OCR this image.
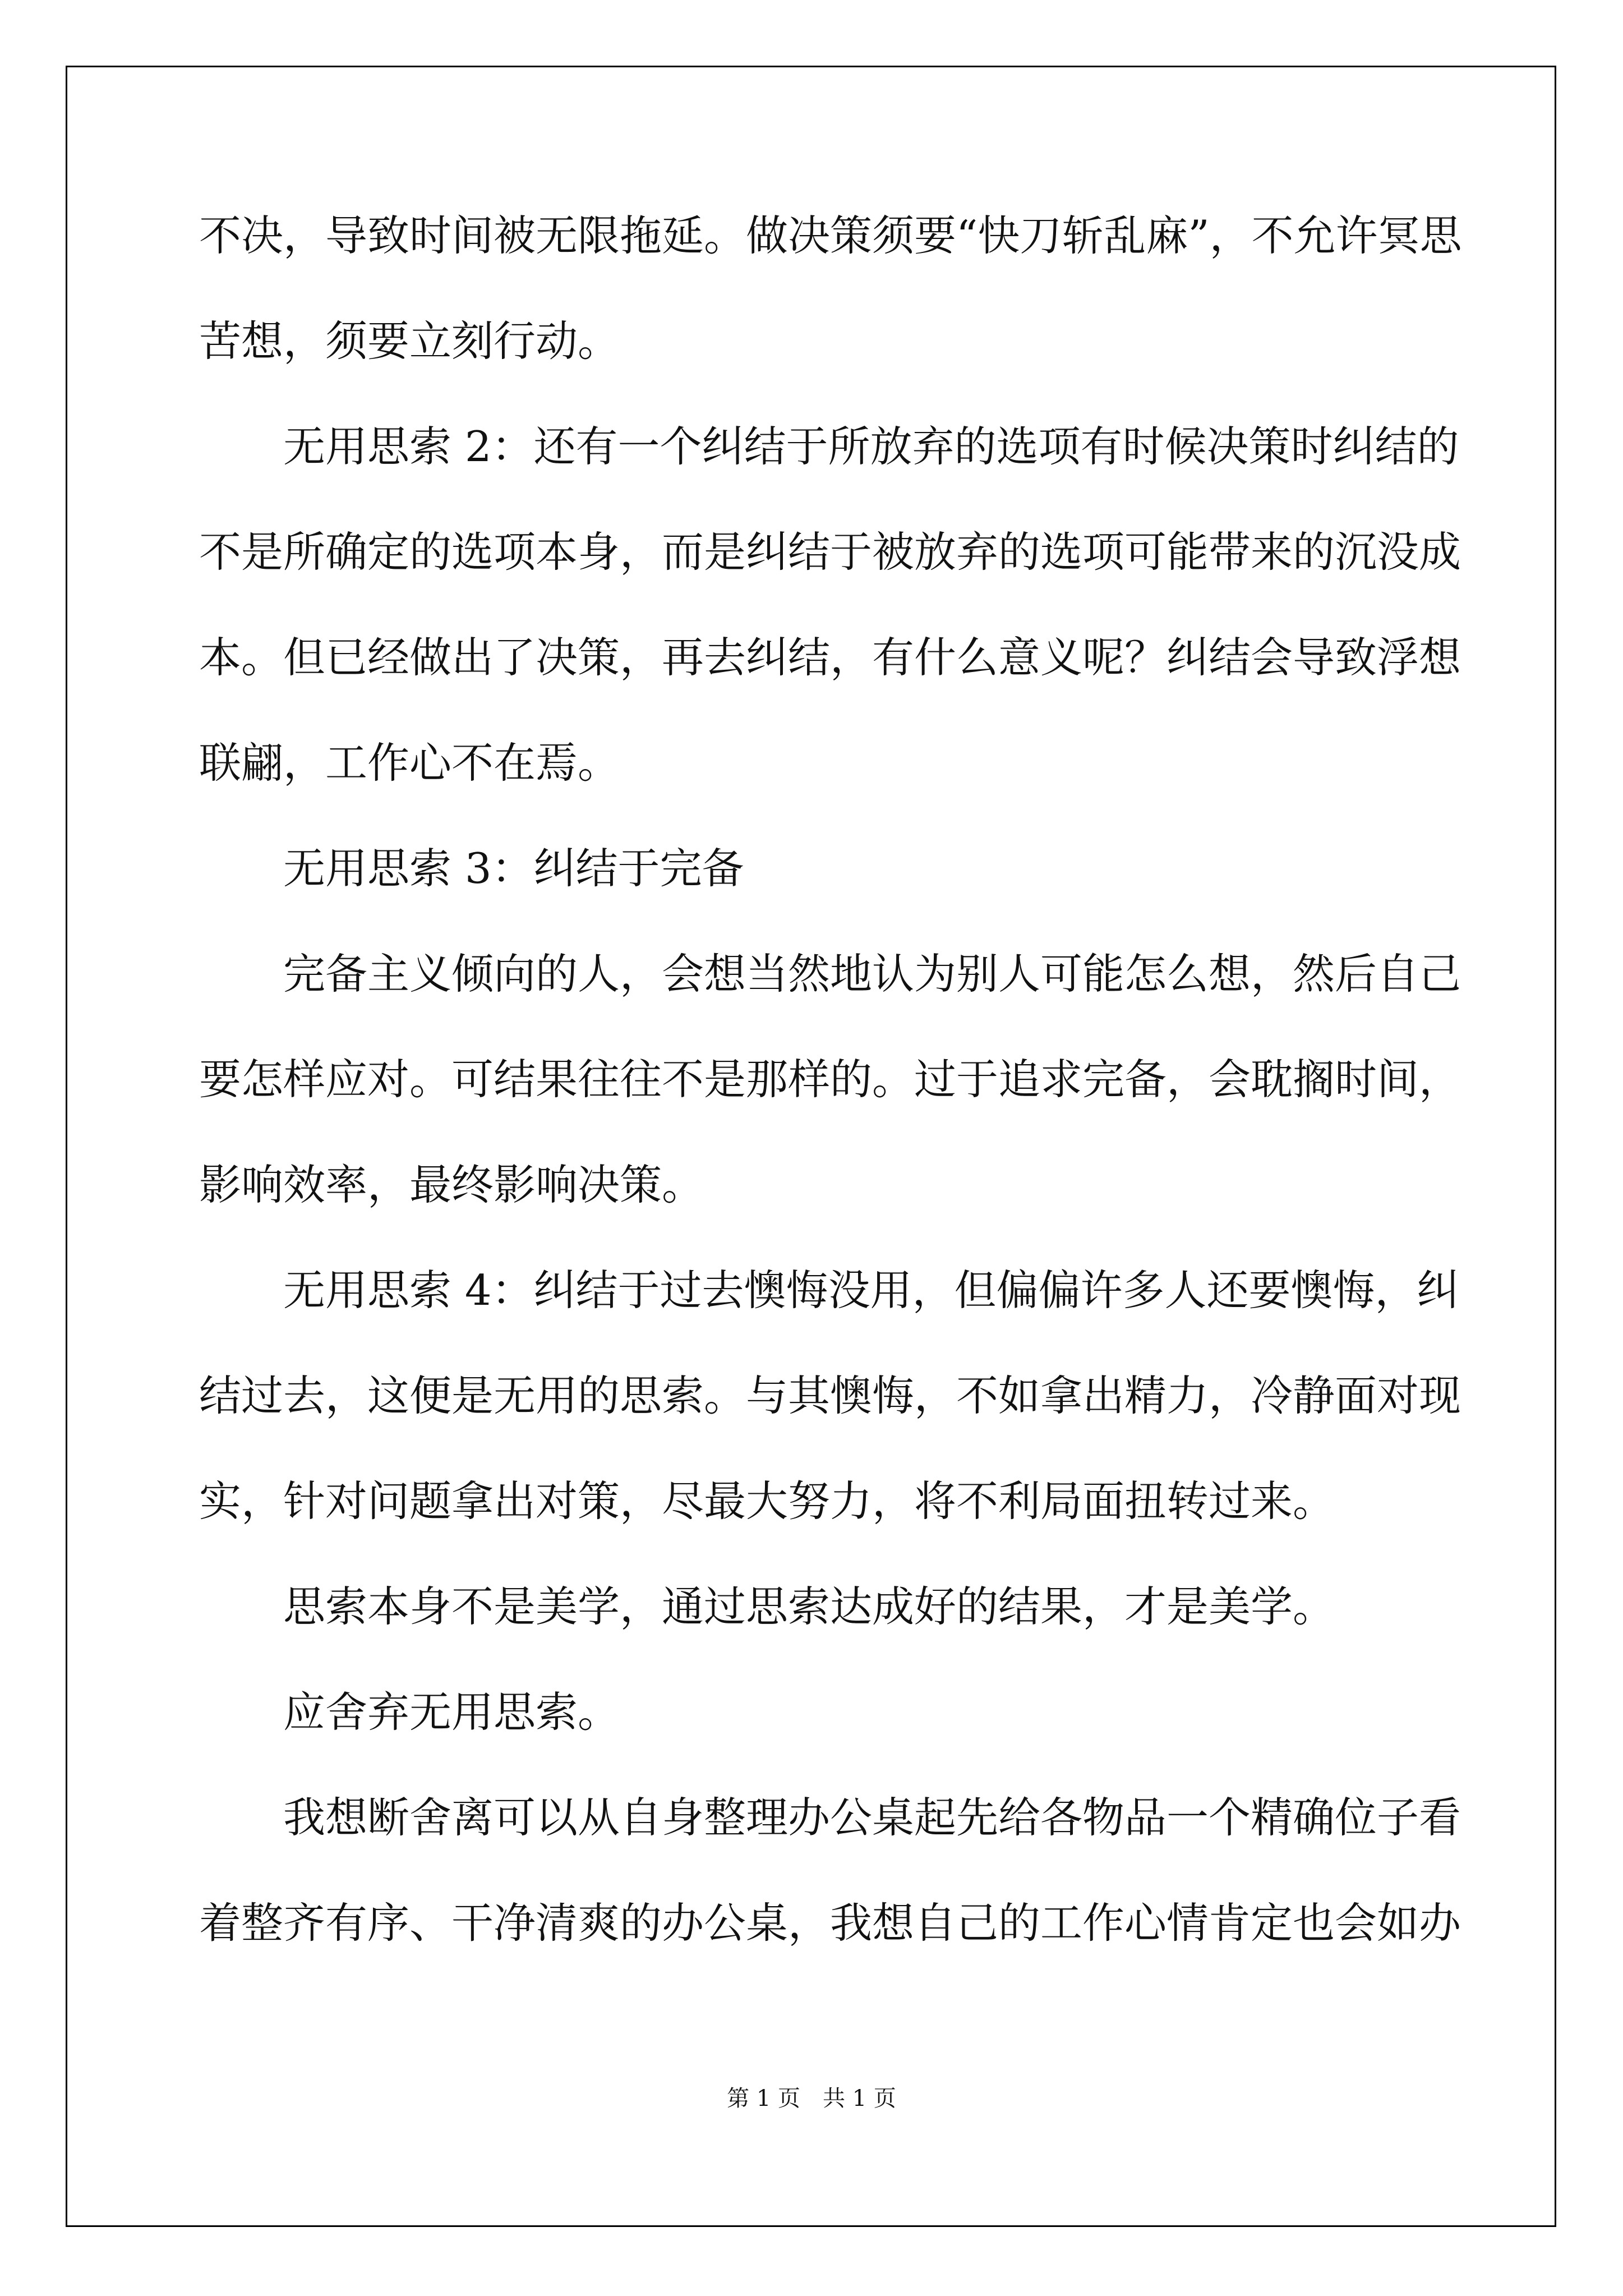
不决，导致时间被无限拖延。做决策须要“快刀斩乱麻”，不允许冥思
苦想，须要立刻行动。
无用思索 2：还有一个纠结于所放弃的选项有时候决策时纠结的
不是所确定的选项本身，而是纠结于被放弃的选项可能带来的沉没成
本。但已经做出了决策，再去纠结，有什么意义呢？纠结会导致浮想
联翩，工作心不在焉。
无用思索 3：纠结于完备
完备主义倾向的人，会想当然地认为别人可能怎么想，然后自己
要怎样应对。可结果往往不是那样的。过于追求完备，会耽搁时间，
影响效率，最终影响决策。
无用思索 4：纠结于过去懊悔没用，但偏偏许多人还要懊悔，纠
结过去，这便是无用的思索。与其懊悔，不如拿出精力，冷静面对现
实，针对问题拿出对策，尽最大努力，将不利局面扭转过来。
思索本身不是美学，通过思索达成好的结果，才是美学。
应舍弃无用思索。
我想断舍离可以从自身整理办公桌起先给各物品一个精确位子看
着整齐有序、干净清爽的办公桌，我想自己的工作心情肯定也会如办
第 1 页　共 1 页
